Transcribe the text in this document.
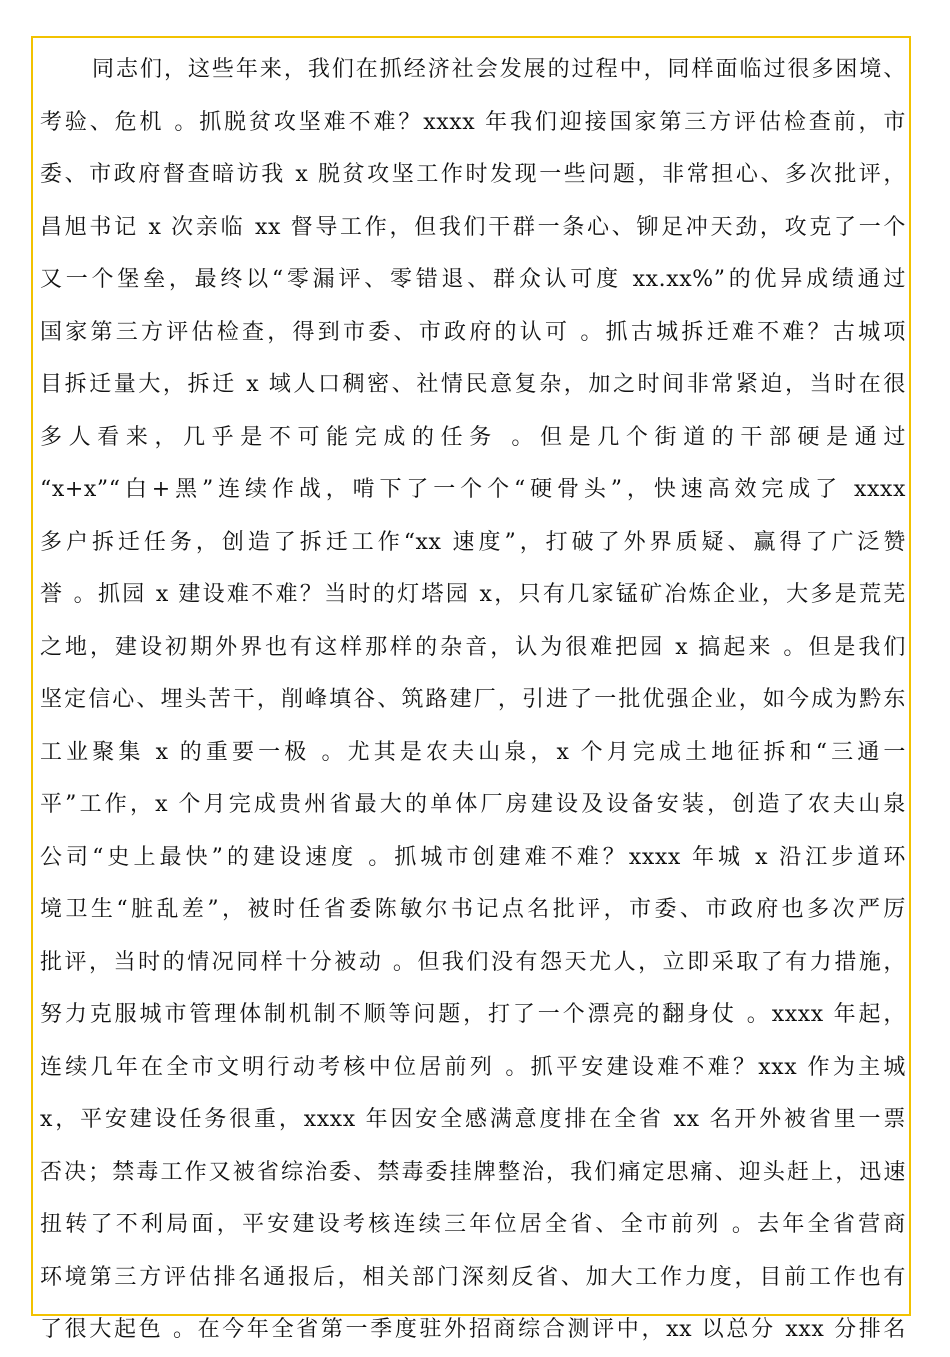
同志们，这些年来，我们在抓经济社会发展的过程中，同样面临过很多困境、
考验、危机 。抓脱贫攻坚难不难？xxxx 年我们迎接国家第三方评估检查前，市
委、市政府督查暗访我 x 脱贫攻坚工作时发现一些问题，非常担心、多次批评，
昌旭书记 x 次亲临 xx 督导工作，但我们干群一条心、铆足冲天劲，攻克了一个
又一个堡垒，最终以“零漏评、零错退、群众认可度 xx.xx%”的优异成绩通过
国家第三方评估检查，得到市委、市政府的认可 。抓古城拆迁难不难？古城项
目拆迁量大，拆迁 x 域人口稠密、社情民意复杂，加之时间非常紧迫，当时在很
多人看来，几乎是不可能完成的任务 。但是几个街道的干部硬是通过
“x+x”“白+黑”连续作战，啃下了一个个“硬骨头”，快速高效完成了 xxxx
多户拆迁任务，创造了拆迁工作“xx 速度”，打破了外界质疑、赢得了广泛赞
誉 。抓园 x 建设难不难？当时的灯塔园 x，只有几家锰矿冶炼企业，大多是荒芜
之地，建设初期外界也有这样那样的杂音，认为很难把园 x 搞起来 。但是我们
坚定信心、埋头苦干，削峰填谷、筑路建厂，引进了一批优强企业，如今成为黔东
工业聚集 x 的重要一极 。尤其是农夫山泉，x 个月完成土地征拆和“三通一
平”工作，x 个月完成贵州省最大的单体厂房建设及设备安装，创造了农夫山泉
公司“史上最快”的建设速度 。抓城市创建难不难？xxxx 年城 x 沿江步道环
境卫生“脏乱差”，被时任省委陈敏尔书记点名批评，市委、市政府也多次严厉
批评，当时的情况同样十分被动 。但我们没有怨天尤人，立即采取了有力措施，
努力克服城市管理体制机制不顺等问题，打了一个漂亮的翻身仗 。xxxx 年起，
连续几年在全市文明行动考核中位居前列 。抓平安建设难不难？xxx 作为主城
x，平安建设任务很重，xxxx 年因安全感满意度排在全省 xx 名开外被省里一票
否决；禁毒工作又被省综治委、禁毒委挂牌整治，我们痛定思痛、迎头赶上，迅速
扭转了不利局面，平安建设考核连续三年位居全省、全市前列 。去年全省营商
环境第三方评估排名通报后，相关部门深刻反省、加大工作力度，目前工作也有
了很大起色 。在今年全省第一季度驻外招商综合测评中，xx 以总分 xxx 分排名
